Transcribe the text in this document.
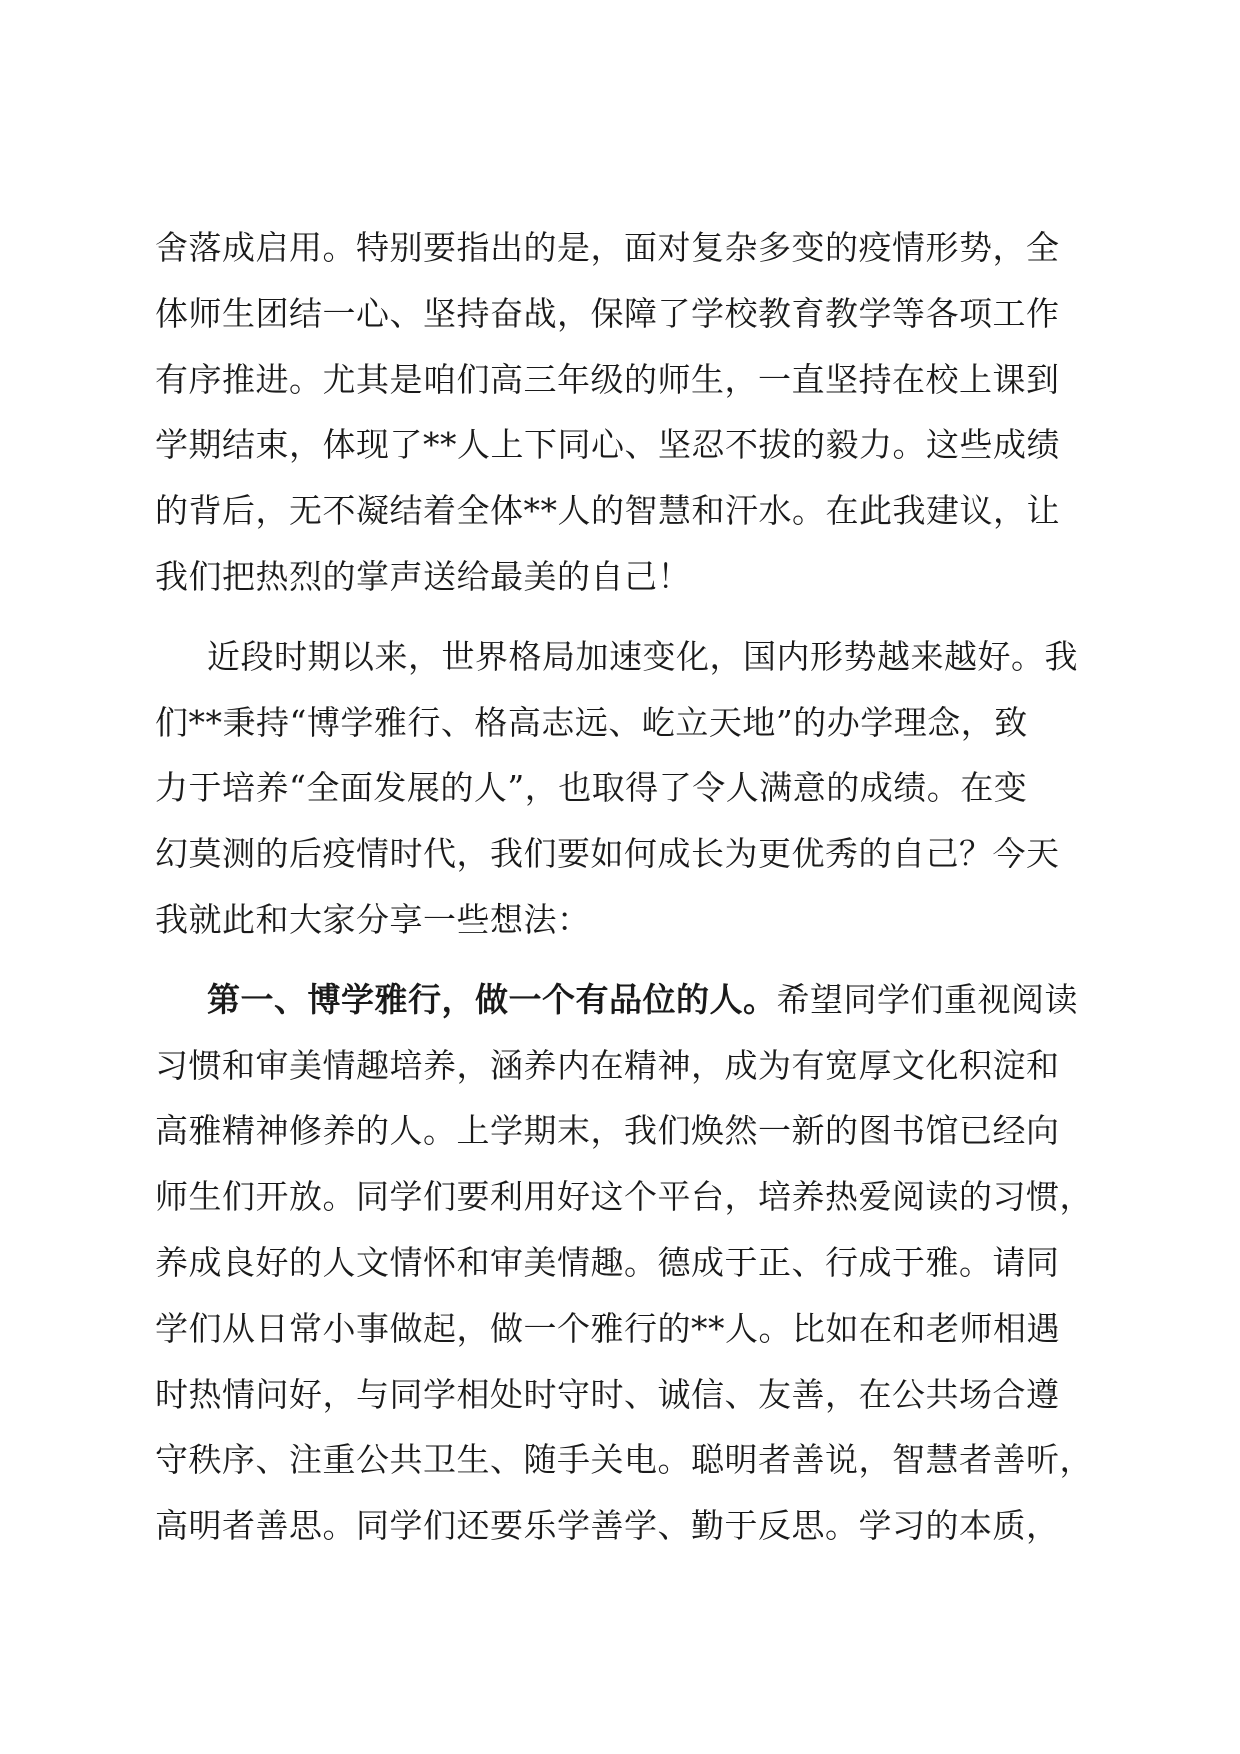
舍落成启用。特别要指出的是，面对复杂多变的疫情形势，全
体师生团结一心、坚持奋战，保障了学校教育教学等各项工作
有序推进。尤其是咱们高三年级的师生，一直坚持在校上课到
学期结束，体现了**人上下同心、坚忍不拔的毅力。这些成绩
的背后，无不凝结着全体**人的智慧和汗水。在此我建议，让
我们把热烈的掌声送给最美的自己！
近段时期以来，世界格局加速变化，国内形势越来越好。我
们**秉持“博学雅行、格高志远、屹立天地”的办学理念，致
力于培养“全面发展的人”，也取得了令人满意的成绩。在变
幻莫测的后疫情时代，我们要如何成长为更优秀的自己？今天
我就此和大家分享一些想法：
第一、博学雅行，做一个有品位的人。希望同学们重视阅读
习惯和审美情趣培养，涵养内在精神，成为有宽厚文化积淀和
高雅精神修养的人。上学期末，我们焕然一新的图书馆已经向
师生们开放。同学们要利用好这个平台，培养热爱阅读的习惯，
养成良好的人文情怀和审美情趣。德成于正、行成于雅。请同
学们从日常小事做起，做一个雅行的**人。比如在和老师相遇
时热情问好，与同学相处时守时、诚信、友善，在公共场合遵
守秩序、注重公共卫生、随手关电。聪明者善说，智慧者善听，
高明者善思。同学们还要乐学善学、勤于反思。学习的本质，
